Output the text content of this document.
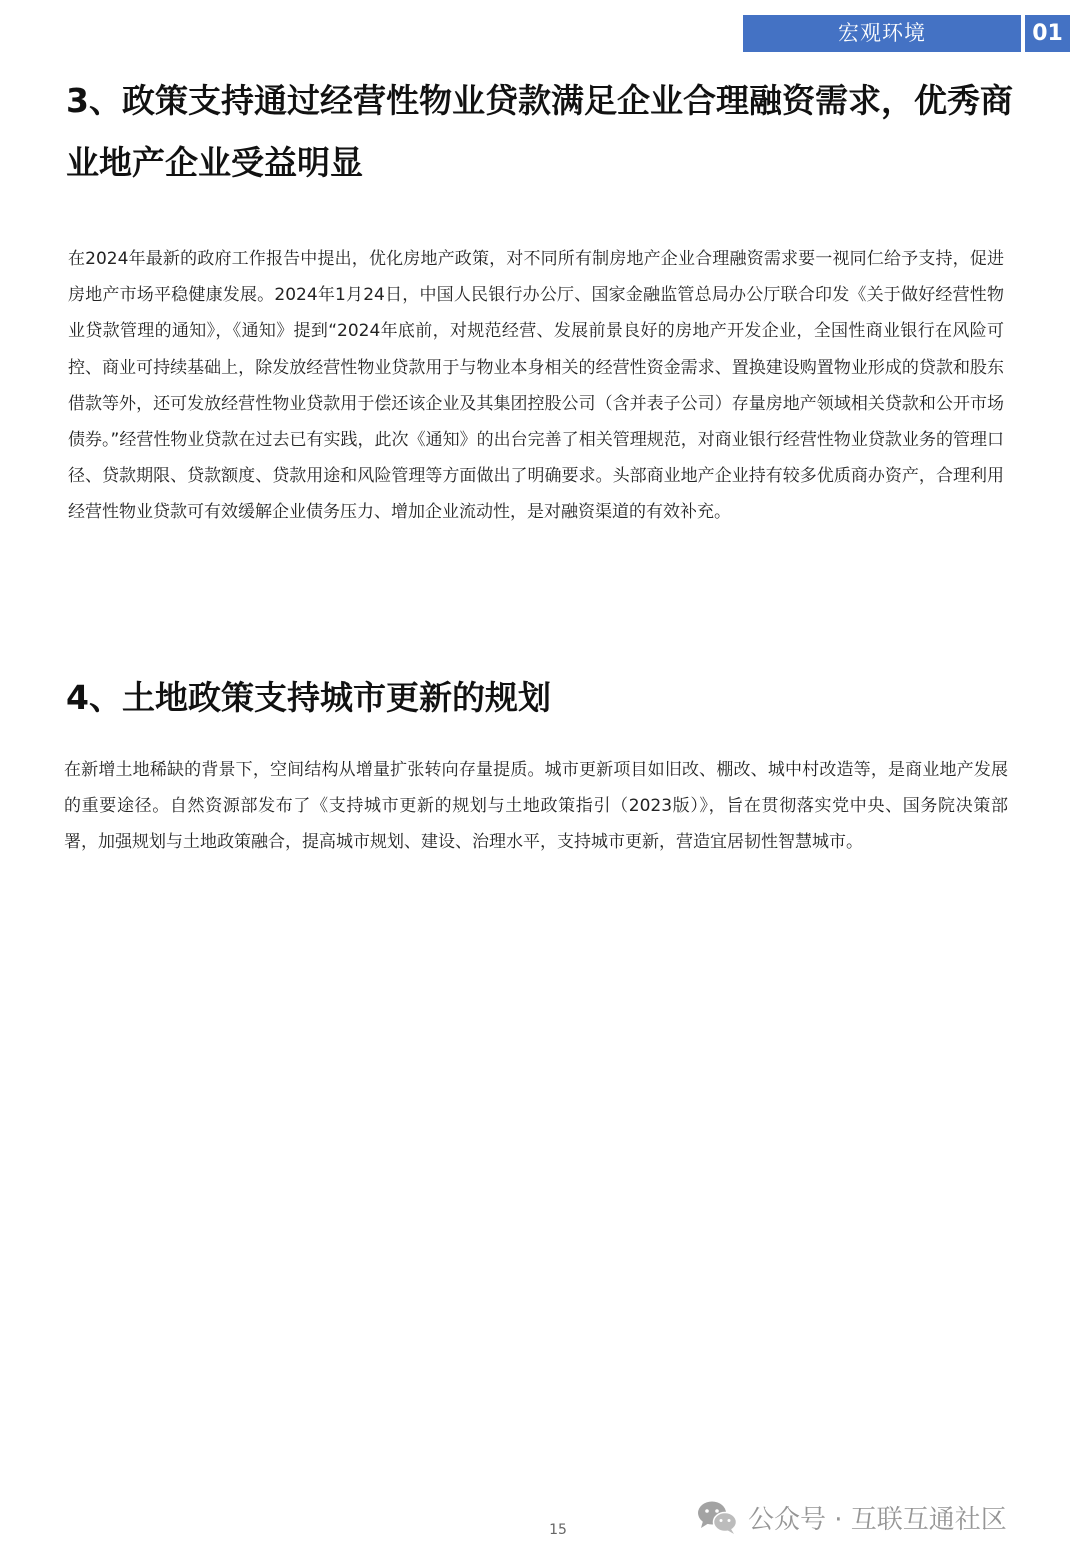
宏观环境	01
3、政策支持通过经营性物业贷款满足企业合理融资需求，优秀商业地产企业受益明显

在2024年最新的政府工作报告中提出，优化房地产政策，对不同所有制房地产企业合理融资需求要一视同仁给予支持，促进房地产市场平稳健康发展。2024年1月24日，中国人民银行办公厅、国家金融监管总局办公厅联合印发《关于做好经营性物业贷款管理的通知》，《通知》提到“2024年底前，对规范经营、发展前景良好的房地产开发企业，全国性商业银行在风险可控、商业可持续基础上，除发放经营性物业贷款用于与物业本身相关的经营性资金需求、置换建设购置物业形成的贷款和股东借款等外，还可发放经营性物业贷款用于偿还该企业及其集团控股公司（含并表子公司）存量房地产领域相关贷款和公开市场债券。”经营性物业贷款在过去已有实践，此次《通知》的出台完善了相关管理规范，对商业银行经营性物业贷款业务的管理口径、贷款期限、贷款额度、贷款用途和风险管理等方面做出了明确要求。头部商业地产企业持有较多优质商办资产，合理利用经营性物业贷款可有效缓解企业债务压力、增加企业流动性，是对融资渠道的有效补充。

4、土地政策支持城市更新的规划

在新增土地稀缺的背景下，空间结构从增量扩张转向存量提质。城市更新项目如旧改、棚改、城中村改造等，是商业地产发展的重要途径。自然资源部发布了《支持城市更新的规划与土地政策指引（2023版）》，旨在贯彻落实党中央、国务院决策部署，加强规划与土地政策融合，提高城市规划、建设、治理水平，支持城市更新，营造宜居韧性智慧城市。

公众号 · 互联互通社区
15
